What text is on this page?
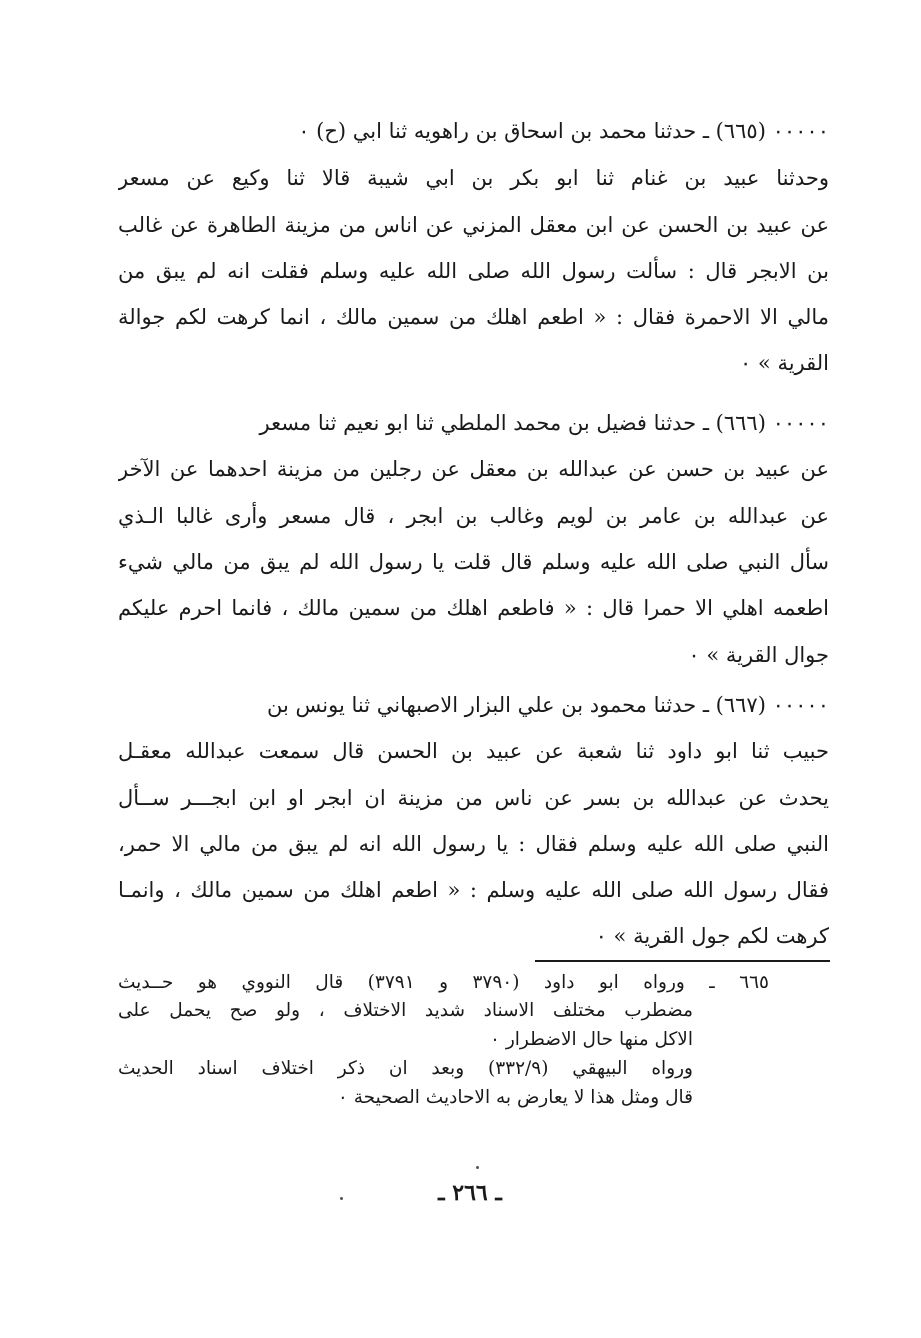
٠٠٠٠٠ (٦٦٥) ـ حدثنا محمد بن اسحاق بن راهويه ثنا ابي (ح) ٠
وحدثنا عبيد بن غنام ثنا ابو بكر بن ابي شيبة قالا ثنا وكيع عن مسعر
عن عبيد بن الحسن عن ابن معقل المزني عن اناس من مزينة الطاهرة عن غالب
بن الابجر قال : سألت رسول الله صلى الله عليه وسلم فقلت انه لم يبق من
مالي الا الاحمرة فقال : « اطعم اهلك من سمين مالك ، انما كرهت لكم جوالة
القرية » ٠
٠٠٠٠٠ (٦٦٦) ـ حدثنا فضيل بن محمد الملطي ثنا ابو نعيم ثنا مسعر
عن عبيد بن حسن عن عبدالله بن معقل عن رجلين من مزينة احدهما عن الآخر
عن عبدالله بن عامر بن لويم وغالب بن ابجر ، قال مسعر وأرى غالبا الـذي
سأل النبي صلى الله عليه وسلم قال قلت يا رسول الله لم يبق من مالي شيء
اطعمه اهلي الا حمرا قال : « فاطعم اهلك من سمين مالك ، فانما احرم عليكم
جوال القرية » ٠
٠٠٠٠٠ (٦٦٧) ـ حدثنا محمود بن علي البزار الاصبهاني ثنا يونس بن
حبيب ثنا ابو داود ثنا شعبة عن عبيد بن الحسن قال سمعت عبدالله معقـل
يحدث عن عبدالله بن بسر عن ناس من مزينة ان ابجر او ابن ابجـــر ســأل
النبي صلى الله عليه وسلم فقال : يا رسول الله انه لم يبق من مالي الا حمر،
فقال رسول الله صلى الله عليه وسلم : « اطعم اهلك من سمين مالك ، وانمـا
كرهت لكم جول القرية » ٠
٦٦٥ ـ ورواه ابو داود (٣٧٩٠ و ٣٧٩١) قال النووي هو حــديث
مضطرب مختلف الاسناد شديد الاختلاف ، ولو صح يحمل على
الاكل منها حال الاضطرار ٠
ورواه البيهقي (٣٣٢/٩) وبعد ان ذكر اختلاف اسناد الحديث
قال ومثل هذا لا يعارض به الاحاديث الصحيحة ٠
ـ ٢٦٦ ـ
